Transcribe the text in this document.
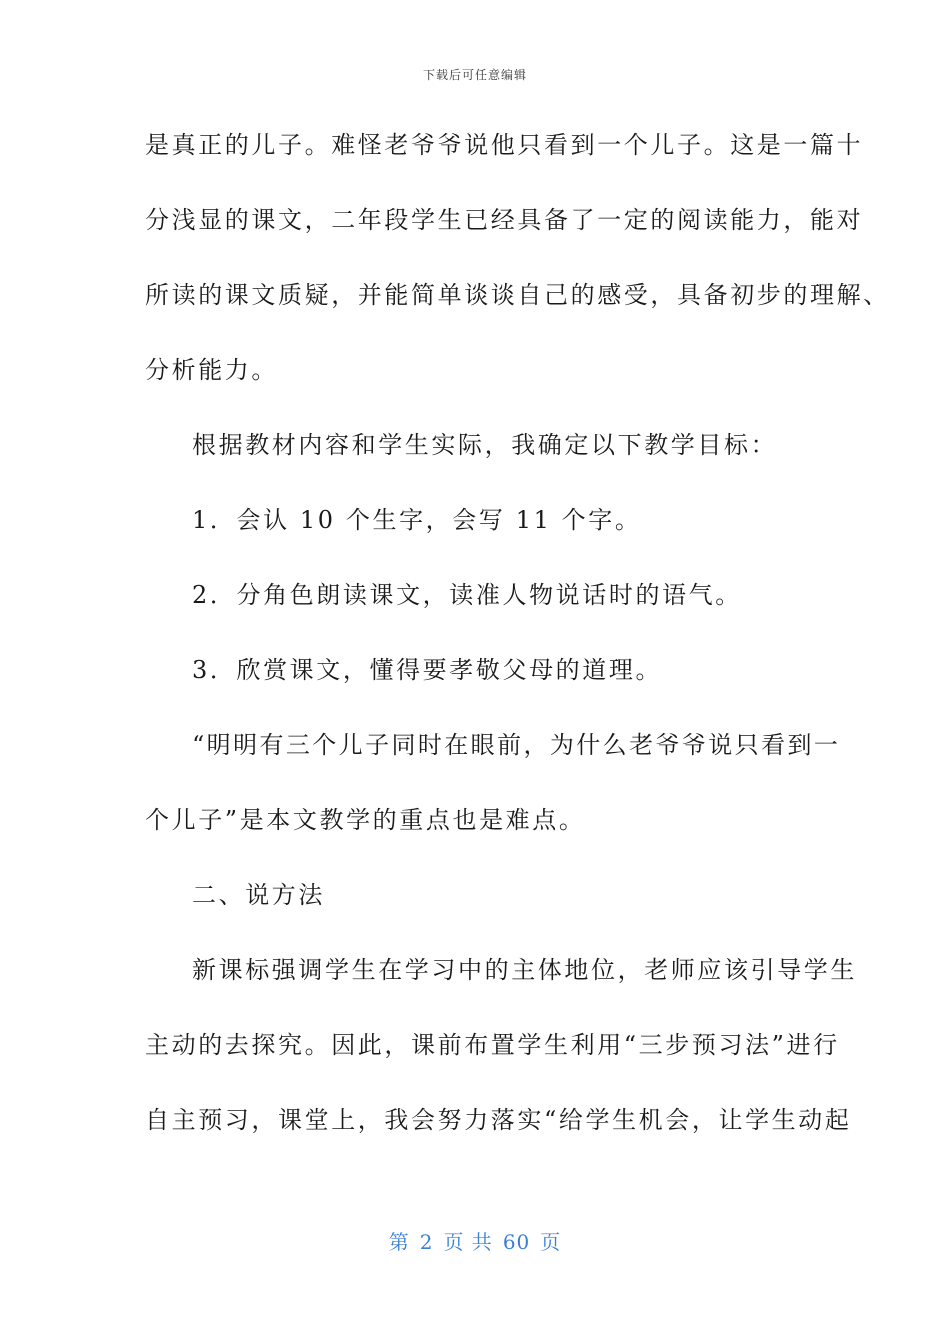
下载后可任意编辑
是真正的儿子。难怪老爷爷说他只看到一个儿子。这是一篇十
分浅显的课文，二年段学生已经具备了一定的阅读能力，能对
所读的课文质疑，并能简单谈谈自己的感受，具备初步的理解、
分析能力。
根据教材内容和学生实际，我确定以下教学目标：
1．会认 10 个生字，会写 11 个字。
2．分角色朗读课文，读准人物说话时的语气。
3．欣赏课文，懂得要孝敬父母的道理。
“明明有三个儿子同时在眼前，为什么老爷爷说只看到一
个儿子”是本文教学的重点也是难点。
二、说方法
新课标强调学生在学习中的主体地位，老师应该引导学生
主动的去探究。因此，课前布置学生利用“三步预习法”进行
自主预习，课堂上，我会努力落实“给学生机会，让学生动起
第 2 页 共 60 页
